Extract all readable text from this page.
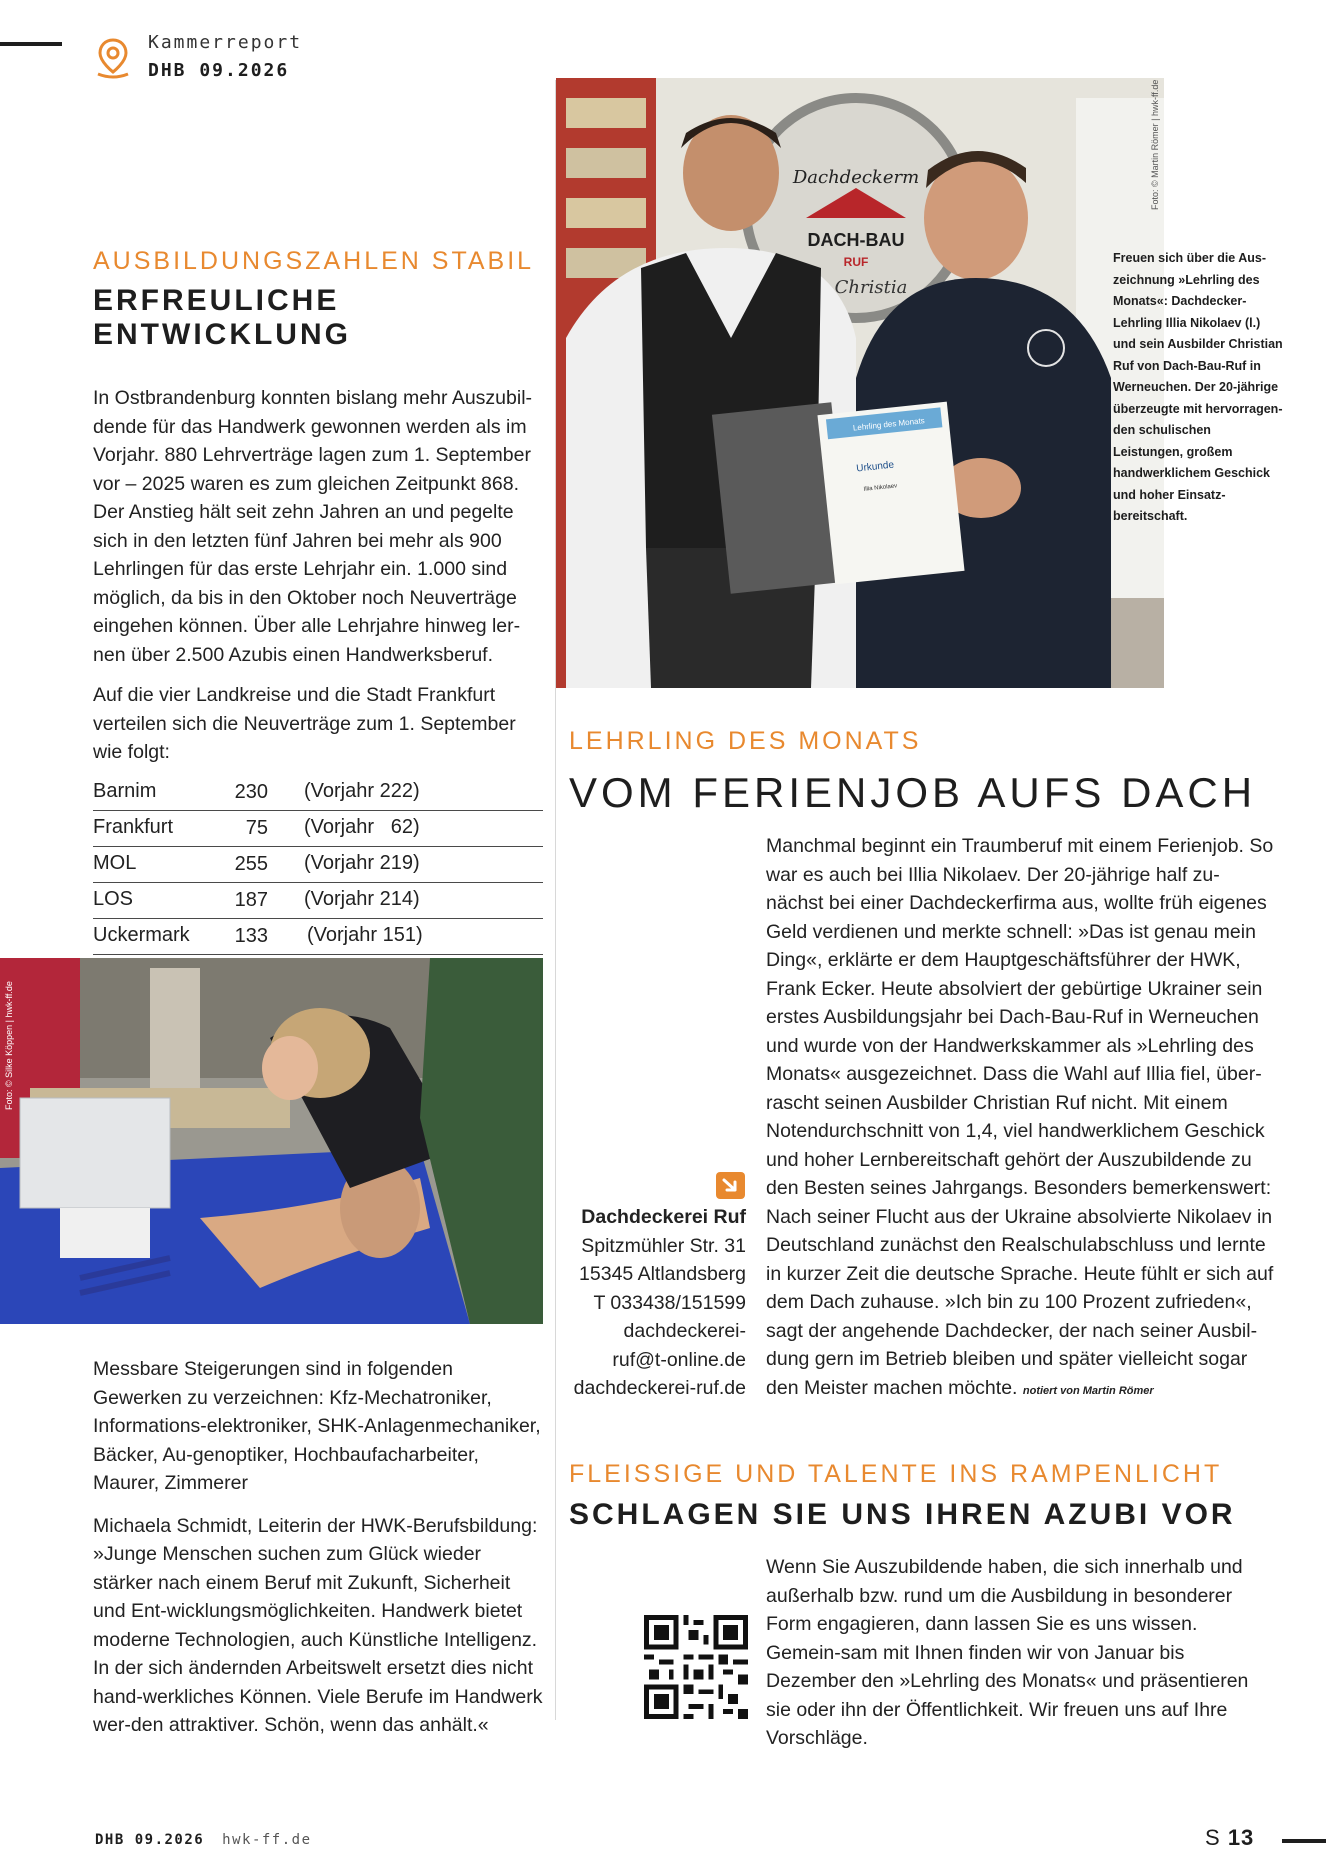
Kammerreport
DHB 09.2026
AUSBILDUNGSZAHLEN STABIL
ERFREULICHE
ENTWICKLUNG

In Ostbrandenburg konnten bislang mehr Auszubil-dende für das Handwerk gewonnen werden als im Vorjahr. 880 Lehrverträge lagen zum 1. September vor – 2025 waren es zum gleichen Zeitpunkt 868. Der Anstieg hält seit zehn Jahren an und pegelte sich in den letzten fünf Jahren bei mehr als 900 Lehrlingen für das erste Lehrjahr ein. 1.000 sind möglich, da bis in den Oktober noch Neuverträge eingehen können. Über alle Lehrjahre hinweg ler-nen über 2.500 Azubis einen Handwerksberuf.

Auf die vier Landkreise und die Stadt Frankfurt verteilen sich die Neuverträge zum 1. September wie folgt:

Barnim	230 (Vorjahr 222)
Frankfurt	75 (Vorjahr   62)
MOL	255 (Vorjahr 219)
LOS	187 (Vorjahr 214)
Uckermark	133 (Vorjahr 151)
Foto: © Silke Köppen | hwk-ff.de

Messbare Steigerungen sind in folgenden Gewerken zu verzeichnen: Kfz-Mechatroniker, Informations-elektroniker, SHK-Anlagenmechaniker, Bäcker, Au-genoptiker, Hochbaufacharbeiter, Maurer, Zimmerer

Michaela Schmidt, Leiterin der HWK-Berufsbildung: »Junge Menschen suchen zum Glück wieder stärker nach einem Beruf mit Zukunft, Sicherheit und Ent-wicklungsmöglichkeiten. Handwerk bietet moderne Technologien, auch Künstliche Intelligenz. In der sich ändernden Arbeitswelt ersetzt dies nicht hand-werkliches Können. Viele Berufe im Handwerk wer-den attraktiver. Schön, wenn das anhält.«

Dachdeckerm
DACH-BAU
RUF
Christia
Lehrling des Monats
Urkunde
Illia Nikolaev
Foto: © Martin Römer | hwk-ff.de
Freuen sich über die Aus-zeichnung »Lehrling des Monats«: Dachdecker-Lehrling Illia Nikolaev (l.) und sein Ausbilder Christian Ruf von Dach-Bau-Ruf in Werneuchen. Der 20-jährige überzeugte mit hervorragen-den schulischen Leistungen, großem handwerklichem Geschick und hoher Einsatz-bereitschaft.
LEHRLING DES MONATS
VOM FERIENJOB AUFS DACH

Manchmal beginnt ein Traumberuf mit einem Ferienjob. So war es auch bei Illia Nikolaev. Der 20-jährige half zu-nächst bei einer Dachdeckerfirma aus, wollte früh eigenes Geld verdienen und merkte schnell: »Das ist genau mein Ding«, erklärte er dem Hauptgeschäftsführer der HWK, Frank Ecker. Heute absolviert der gebürtige Ukrainer sein erstes Ausbildungsjahr bei Dach-Bau-Ruf in Werneuchen und wurde von der Handwerkskammer als »Lehrling des Monats« ausgezeichnet. Dass die Wahl auf Illia fiel, über-rascht seinen Ausbilder Christian Ruf nicht. Mit einem Notendurchschnitt von 1,4, viel handwerklichem Geschick und hoher Lernbereitschaft gehört der Auszubildende zu den Besten seines Jahrgangs. Besonders bemerkenswert: Nach seiner Flucht aus der Ukraine absolvierte Nikolaev in Deutschland zunächst den Realschulabschluss und lernte in kurzer Zeit die deutsche Sprache. Heute fühlt er sich auf dem Dach zuhause. »Ich bin zu 100 Prozent zufrieden«, sagt der angehende Dachdecker, der nach seiner Ausbil-dung gern im Betrieb bleiben und später vielleicht sogar den Meister machen möchte. notiert von Martin Römer

Dachdeckerei Ruf
Spitzmühler Str. 31
15345 Altlandsberg
T 033438/151599
dachdeckerei-
ruf@t-online.de
dachdeckerei-ruf.de
FLEISSIGE UND TALENTE INS RAMPENLICHT
SCHLAGEN SIE UNS IHREN AZUBI VOR
Wenn Sie Auszubildende haben, die sich innerhalb und außerhalb bzw. rund um die Ausbildung in besonderer Form engagieren, dann lassen Sie es uns wissen. Gemein-sam mit Ihnen finden wir von Januar bis Dezember den »Lehrling des Monats« und präsentieren sie oder ihn der Öffentlichkeit. Wir freuen uns auf Ihre Vorschläge.
DHB 09.2026 hwk-ff.de	S 13
